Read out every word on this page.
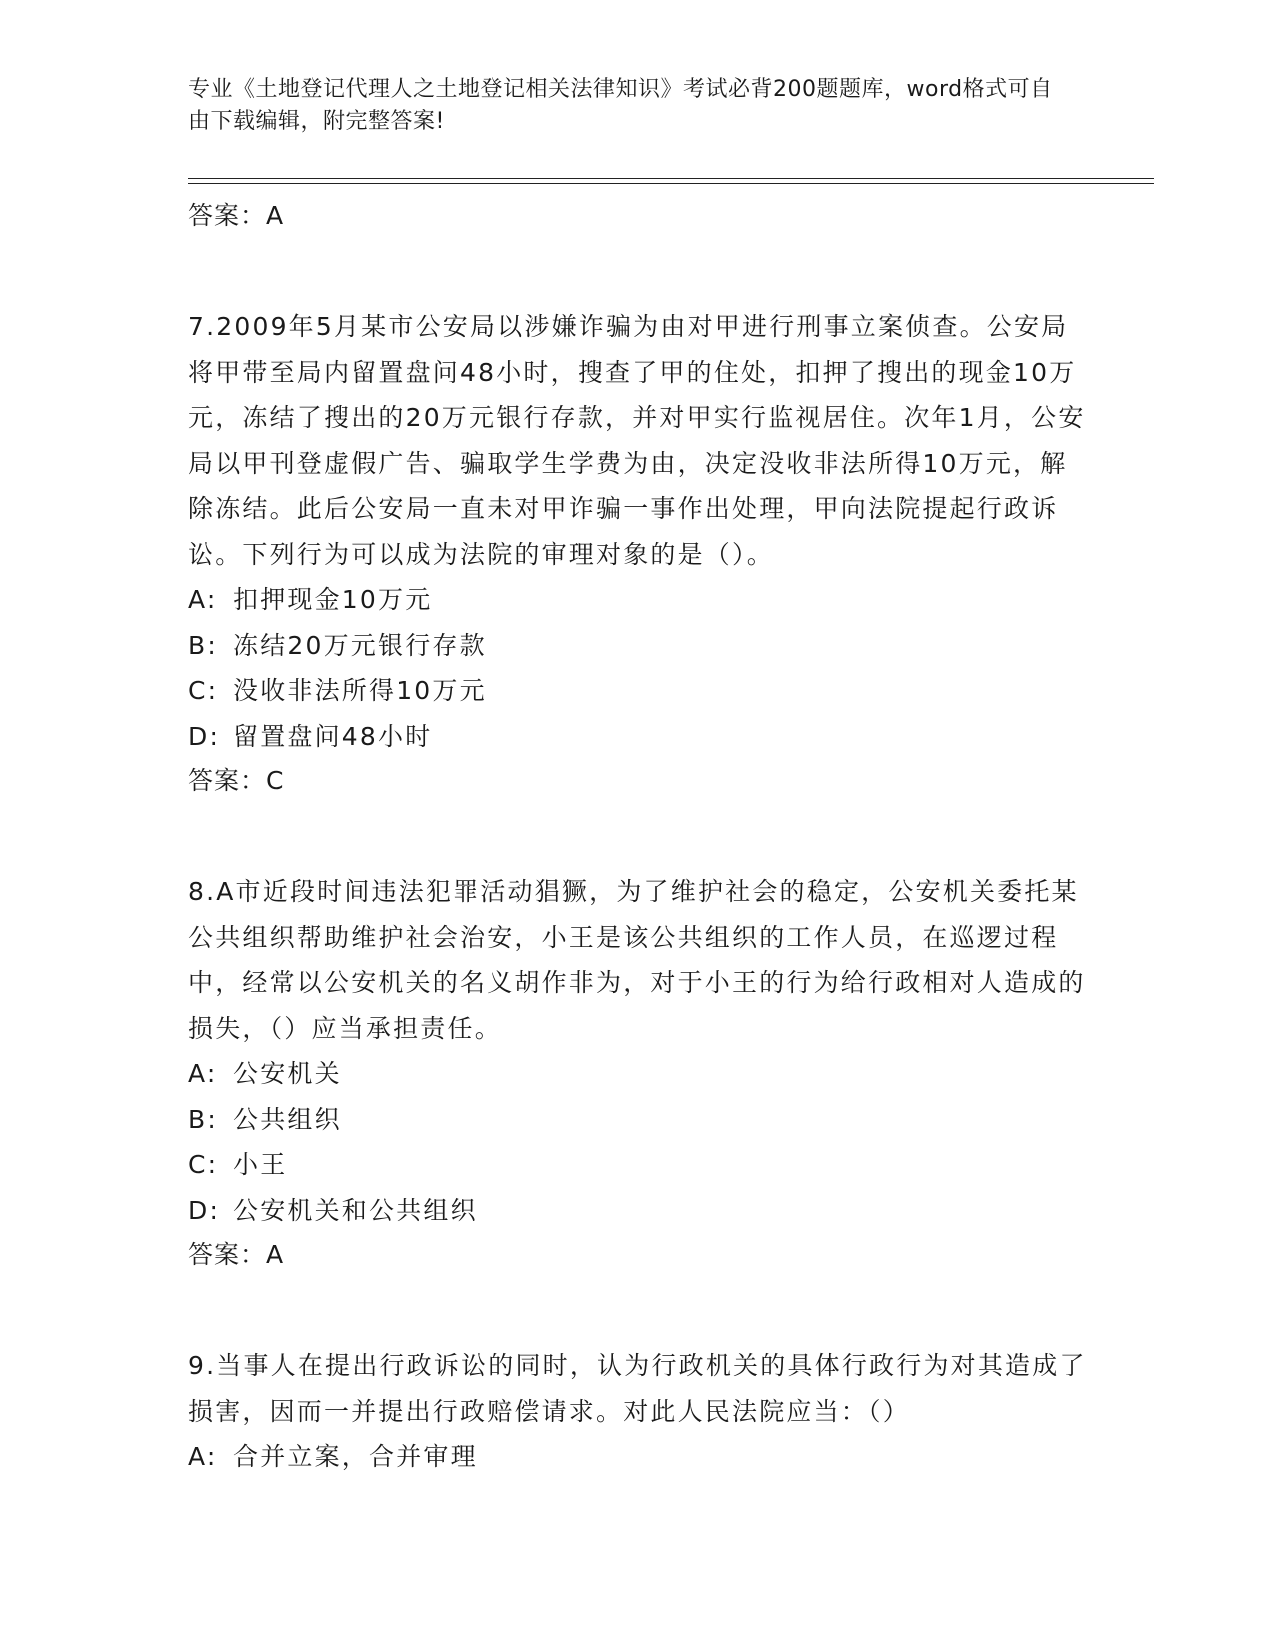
专业《土地登记代理人之土地登记相关法律知识》考试必背200题题库，word格式可自由下载编辑，附完整答案!
答案：A

7.2009年5月某市公安局以涉嫌诈骗为由对甲进行刑事立案侦查。公安局将甲带至局内留置盘问48小时，搜查了甲的住处，扣押了搜出的现金10万元，冻结了搜出的20万元银行存款，并对甲实行监视居住。次年1月，公安局以甲刊登虚假广告、骗取学生学费为由，决定没收非法所得10万元，解除冻结。此后公安局一直未对甲诈骗一事作出处理，甲向法院提起行政诉讼。下列行为可以成为法院的审理对象的是（）。

A: 扣押现金10万元
B: 冻结20万元银行存款
C: 没收非法所得10万元
D: 留置盘问48小时
答案：C

8.A市近段时间违法犯罪活动猖獗，为了维护社会的稳定，公安机关委托某公共组织帮助维护社会治安，小王是该公共组织的工作人员，在巡逻过程中，经常以公安机关的名义胡作非为，对于小王的行为给行政相对人造成的损失，（）应当承担责任。

A: 公安机关
B: 公共组织
C: 小王
D: 公安机关和公共组织
答案：A

9.当事人在提出行政诉讼的同时，认为行政机关的具体行政行为对其造成了损害，因而一并提出行政赔偿请求。对此人民法院应当：（）

A: 合并立案，合并审理
